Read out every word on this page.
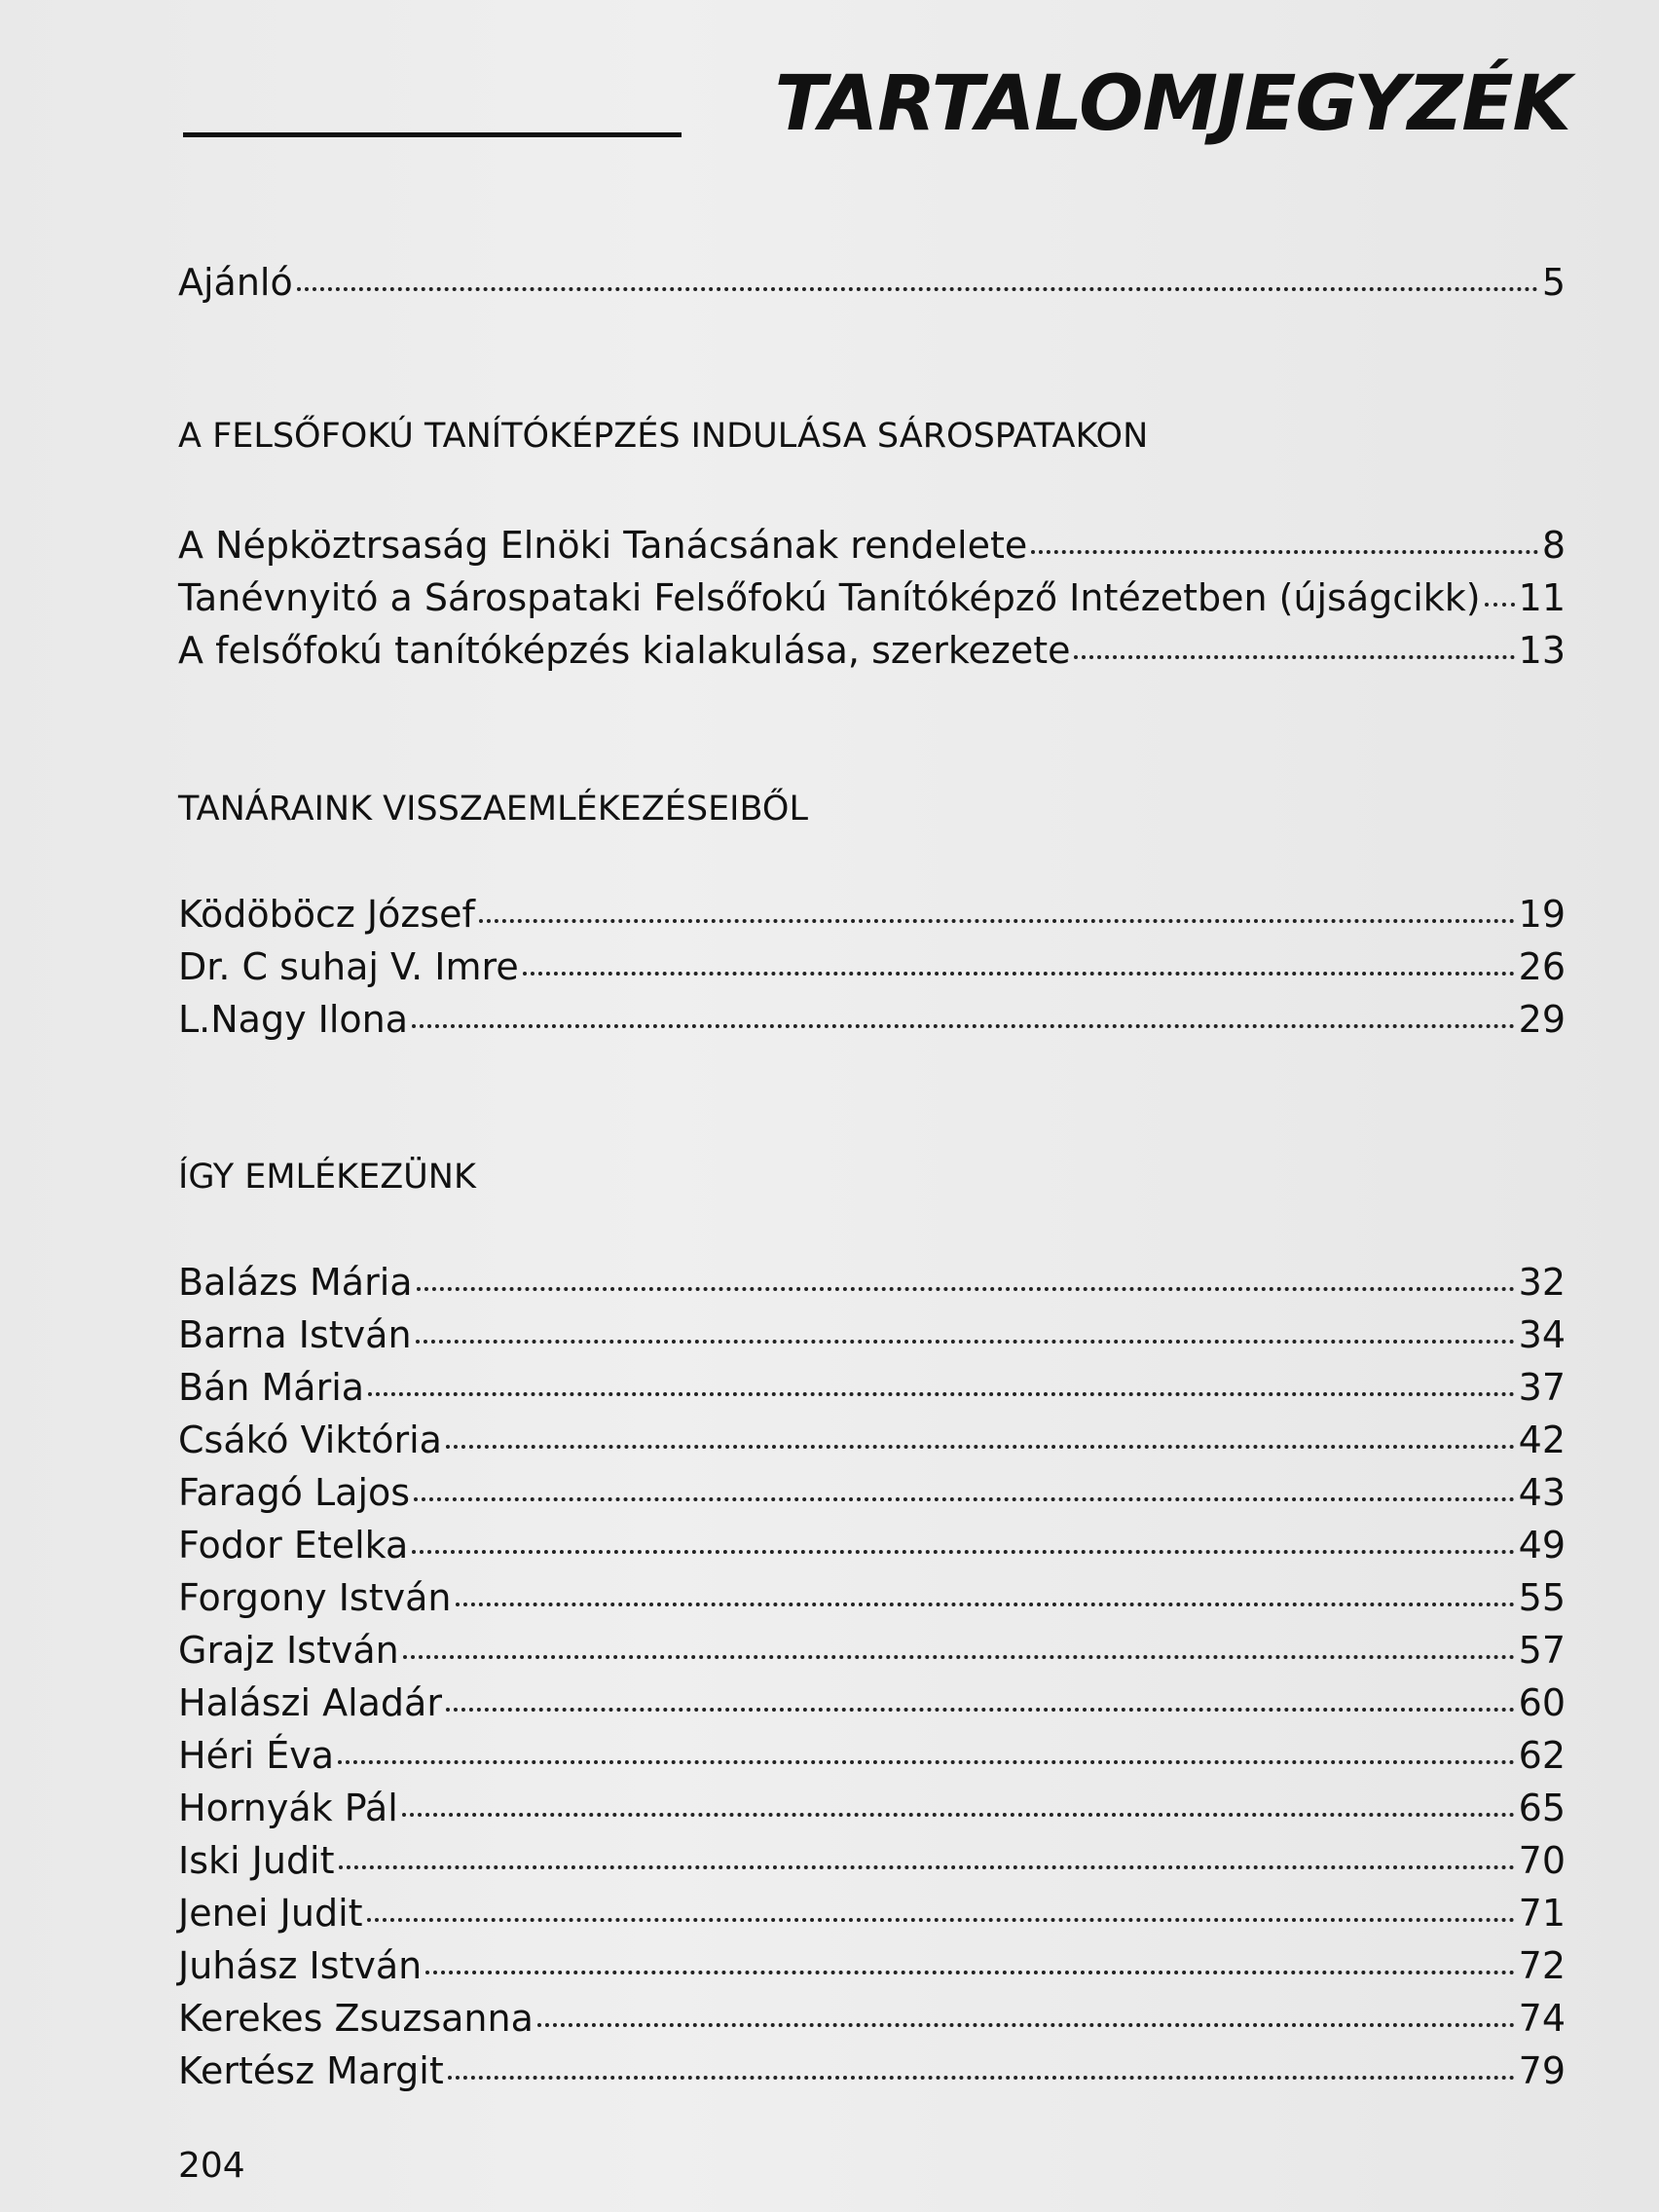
TARTALOMJEGYZÉK
Ajánló	5
A FELSŐFOKÚ TANÍTÓKÉPZÉS INDULÁSA SÁROSPATAKON
A Népköztrsaság Elnöki Tanácsának rendelete	8
Tanévnyitó a Sárospataki Felsőfokú Tanítóképző Intézetben (újságcikk) 11
A felsőfokú tanítóképzés kialakulása, szerkezete	13
TANÁRAINK VISSZAEMLÉKEZÉSEIBŐL
Ködöböcz József	19
Dr. C suhaj V. Imre	26
L.Nagy Ilona	29
ÍGY EMLÉKEZÜNK
Balázs Mária	32
Barna István	34
Bán Mária	37
Csákó Viktória	42
Faragó Lajos	43
Fodor Etelka	49
Forgony István	55
Grajz István	57
Halászi Aladár	60
Héri Éva	62
Hornyák Pál	65
Iski Judit	70
Jenei Judit	71
Juhász István	72
Kerekes Zsuzsanna	74
Kertész Margit	79
204
